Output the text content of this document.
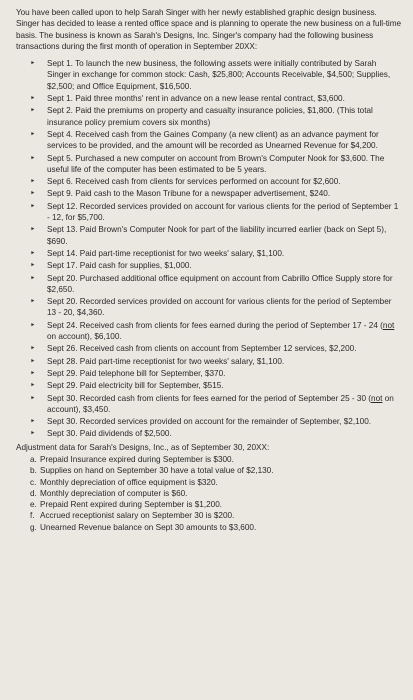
You have been called upon to help Sarah Singer with her newly established graphic design business. Singer has decided to lease a rented office space and is planning to operate the new business on a full-time basis. The business is known as Sarah's Designs, Inc. Singer's company had the following business transactions during the first month of operation in September 20XX:

‣ Sept 1. To launch the new business, the following assets were initially contributed by Sarah Singer in exchange for common stock: Cash, $25,800; Accounts Receivable, $4,500; Supplies, $2,500; and Office Equipment, $16,500.
‣ Sept 1. Paid three months' rent in advance on a new lease rental contract, $3,600.
‣ Sept 2. Paid the premiums on property and casualty insurance policies, $1,800. (This total insurance policy premium covers six months)
‣ Sept 4. Received cash from the Gaines Company (a new client) as an advance payment for services to be provided, and the amount will be recorded as Unearned Revenue for $4,200.
‣ Sept 5. Purchased a new computer on account from Brown's Computer Nook for $3,600. The useful life of the computer has been estimated to be 5 years.
‣ Sept 6. Received cash from clients for services performed on account for $2,600.
‣ Sept 9. Paid cash to the Mason Tribune for a newspaper advertisement, $240.
‣ Sept 12. Recorded services provided on account for various clients for the period of September 1 - 12, for $5,700.
‣ Sept 13. Paid Brown's Computer Nook for part of the liability incurred earlier (back on Sept 5), $690.
‣ Sept 14. Paid part-time receptionist for two weeks' salary, $1,100.
‣ Sept 17. Paid cash for supplies, $1,000.
‣ Sept 20. Purchased additional office equipment on account from Cabrillo Office Supply store for $2,650.
‣ Sept 20. Recorded services provided on account for various clients for the period of September 13 - 20, $4,360.
‣ Sept 24. Received cash from clients for fees earned during the period of September 17 - 24 (not on account), $6,100.
‣ Sept 26. Received cash from clients on account from September 12 services, $2,200.
‣ Sept 28. Paid part-time receptionist for two weeks' salary, $1,100.
‣ Sept 29. Paid telephone bill for September, $370.
‣ Sept 29. Paid electricity bill for September, $515.
‣ Sept 30. Recorded cash from clients for fees earned for the period of September 25 - 30 (not on account), $3,450.
‣ Sept 30. Recorded services provided on account for the remainder of September, $2,100.
‣ Sept 30. Paid dividends of $2,500.

Adjustment data for Sarah's Designs, Inc., as of September 30, 20XX:

a. Prepaid Insurance expired during September is $300.
b. Supplies on hand on September 30 have a total value of $2,130.
c. Monthly depreciation of office equipment is $320.
d. Monthly depreciation of computer is $60.
e. Prepaid Rent expired during September is $1,200.
f. Accrued receptionist salary on September 30 is $200.
g. Unearned Revenue balance on Sept 30 amounts to $3,600.
